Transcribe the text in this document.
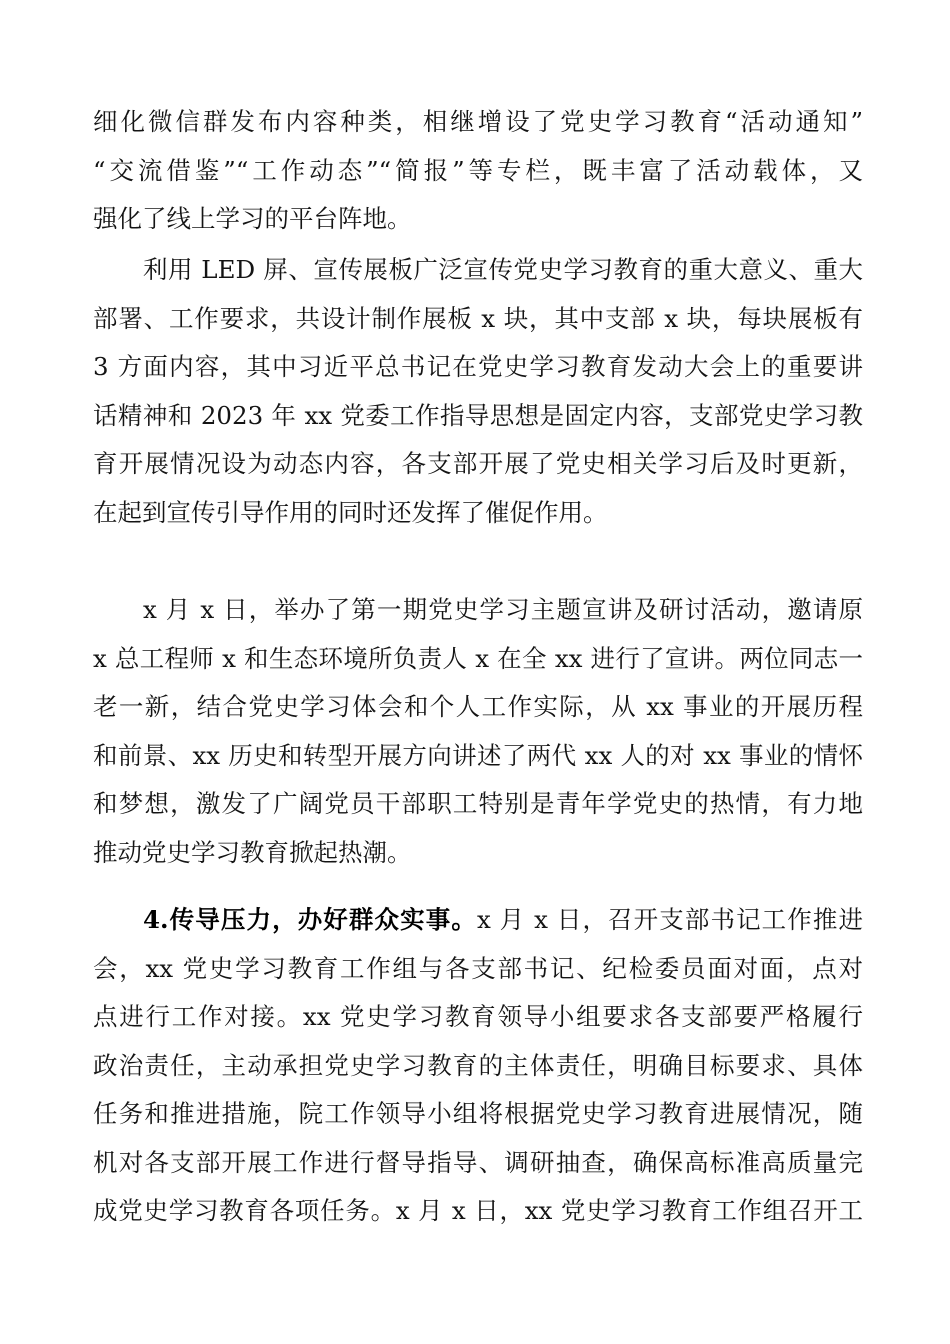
细化微信群发布内容种类，相继增设了党史学习教育“活动通知”
“交流借鉴”“工作动态”“简报”等专栏，既丰富了活动载体，又
强化了线上学习的平台阵地。
利用 LED 屏、宣传展板广泛宣传党史学习教育的重大意义、重大
部署、工作要求，共设计制作展板 x 块，其中支部 x 块，每块展板有
3 方面内容，其中习近平总书记在党史学习教育发动大会上的重要讲
话精神和 2023 年 xx 党委工作指导思想是固定内容，支部党史学习教
育开展情况设为动态内容，各支部开展了党史相关学习后及时更新，
在起到宣传引导作用的同时还发挥了催促作用。
x 月 x 日，举办了第一期党史学习主题宣讲及研讨活动，邀请原
x 总工程师 x 和生态环境所负责人 x 在全 xx 进行了宣讲。两位同志一
老一新，结合党史学习体会和个人工作实际，从 xx 事业的开展历程
和前景、xx 历史和转型开展方向讲述了两代 xx 人的对 xx 事业的情怀
和梦想，激发了广阔党员干部职工特别是青年学党史的热情，有力地
推动党史学习教育掀起热潮。
4.传导压力，办好群众实事。x 月 x 日，召开支部书记工作推进
会，xx 党史学习教育工作组与各支部书记、纪检委员面对面，点对
点进行工作对接。xx 党史学习教育领导小组要求各支部要严格履行
政治责任，主动承担党史学习教育的主体责任，明确目标要求、具体
任务和推进措施，院工作领导小组将根据党史学习教育进展情况，随
机对各支部开展工作进行督导指导、调研抽查，确保高标准高质量完
成党史学习教育各项任务。x 月 x 日，xx 党史学习教育工作组召开工
